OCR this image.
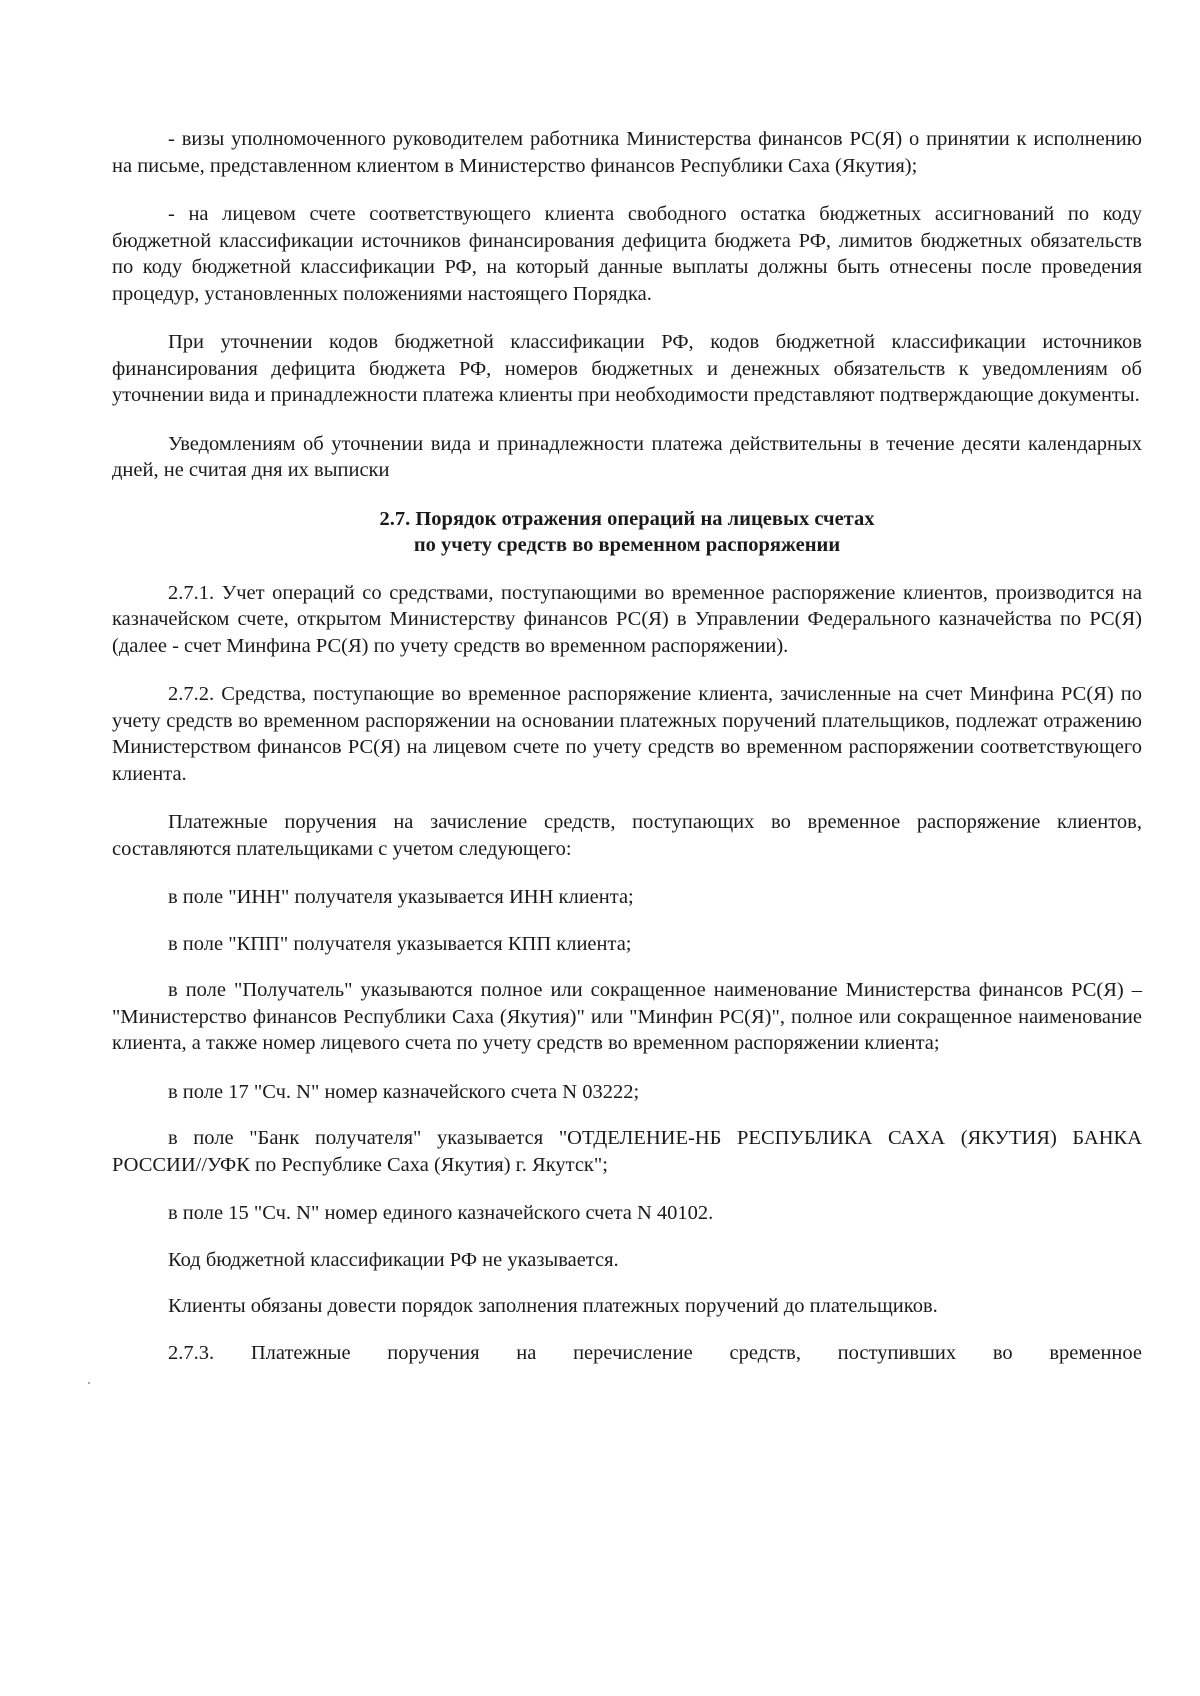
- визы уполномоченного руководителем работника Министерства финансов РС(Я) о принятии к исполнению на письме, представленном клиентом в Министерство финансов Республики Саха (Якутия);

- на лицевом счете соответствующего клиента свободного остатка бюджетных ассигнований по коду бюджетной классификации источников финансирования дефицита бюджета РФ, лимитов бюджетных обязательств по коду бюджетной классификации РФ, на который данные выплаты должны быть отнесены после проведения процедур, установленных положениями настоящего Порядка.

При уточнении кодов бюджетной классификации РФ, кодов бюджетной классификации источников финансирования дефицита бюджета РФ, номеров бюджетных и денежных обязательств к уведомлениям об уточнении вида и принадлежности платежа клиенты при необходимости представляют подтверждающие документы.

Уведомлениям об уточнении вида и принадлежности платежа действительны в течение десяти календарных дней, не считая дня их выписки

2.7. Порядок отражения операций на лицевых счетах
по учету средств во временном распоряжении

2.7.1. Учет операций со средствами, поступающими во временное распоряжение клиентов, производится на казначейском счете, открытом Министерству финансов РС(Я) в Управлении Федерального казначейства по РС(Я) (далее - счет Минфина РС(Я) по учету средств во временном распоряжении).

2.7.2. Средства, поступающие во временное распоряжение клиента, зачисленные на счет Минфина РС(Я) по учету средств во временном распоряжении на основании платежных поручений плательщиков, подлежат отражению Министерством финансов РС(Я) на лицевом счете по учету средств во временном распоряжении соответствующего клиента.

Платежные поручения на зачисление средств, поступающих во временное распоряжение клиентов, составляются плательщиками с учетом следующего:

в поле "ИНН" получателя указывается ИНН клиента;

в поле "КПП" получателя указывается КПП клиента;

в поле "Получатель" указываются полное или сокращенное наименование Министерства финансов РС(Я) – "Министерство финансов Республики Саха (Якутия)" или "Минфин РС(Я)", полное или сокращенное наименование клиента, а также номер лицевого счета по учету средств во временном распоряжении клиента;

в поле 17 "Сч. N" номер казначейского счета N 03222;

в поле "Банк получателя" указывается "ОТДЕЛЕНИЕ-НБ РЕСПУБЛИКА САХА (ЯКУТИЯ) БАНКА РОССИИ//УФК по Республике Саха (Якутия) г. Якутск";

в поле 15 "Сч. N" номер единого казначейского счета N 40102.

Код бюджетной классификации РФ не указывается.

Клиенты обязаны довести порядок заполнения платежных поручений до плательщиков.

2.7.3. Платежные поручения на перечисление средств, поступивших во временное
